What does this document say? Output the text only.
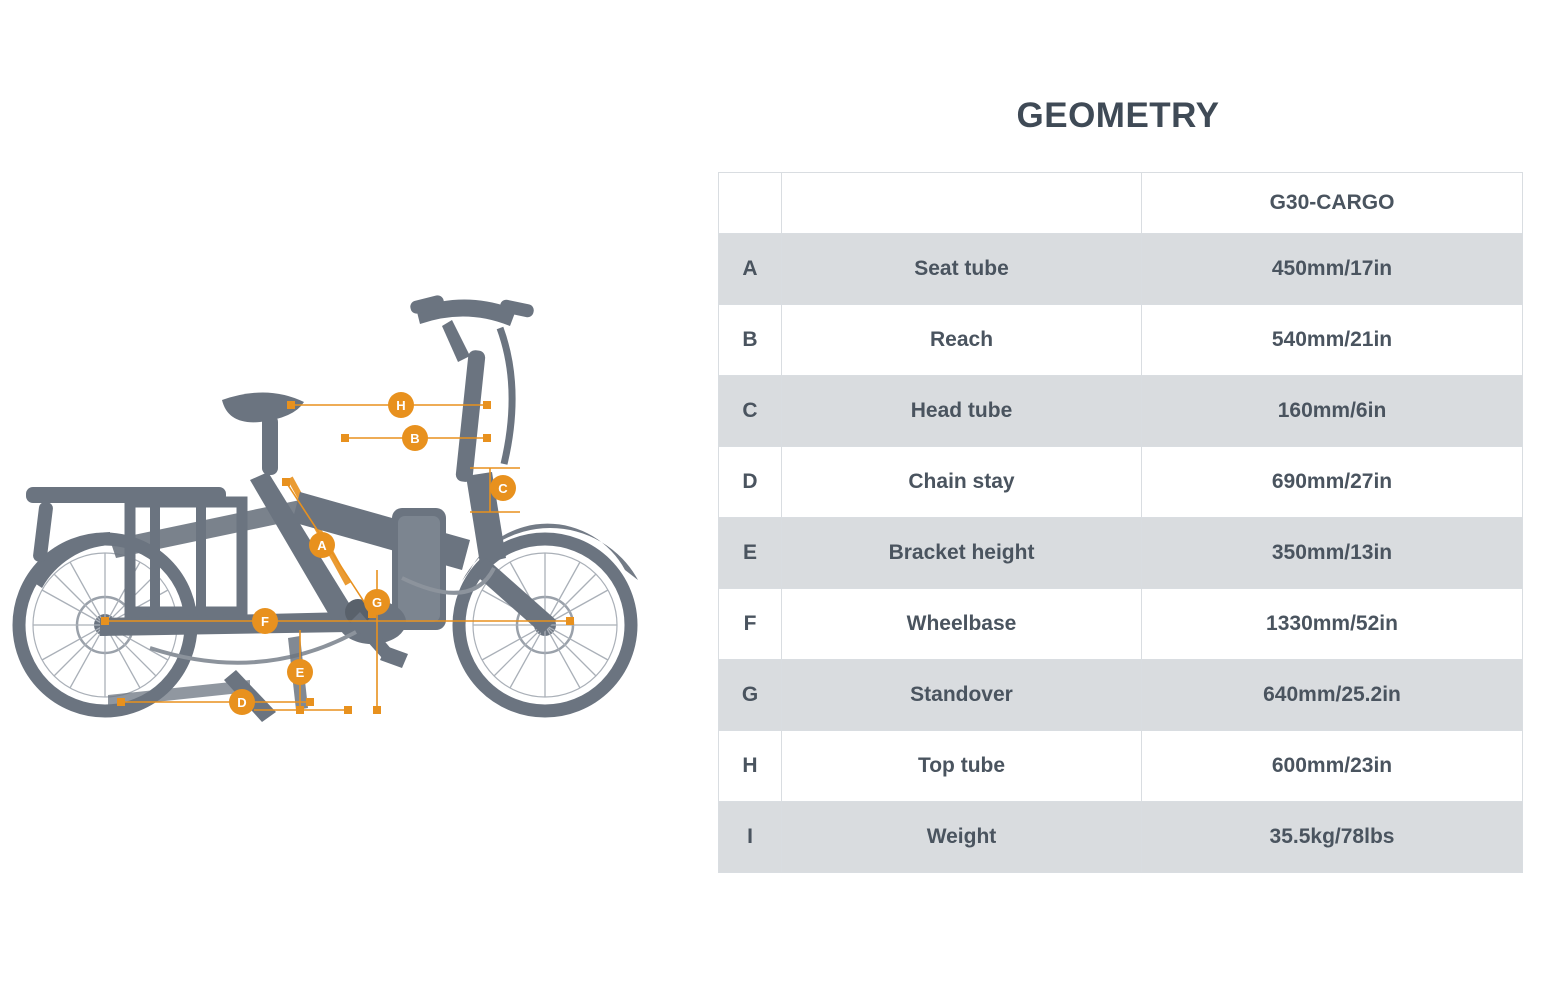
H
B
C
A
G
F
E
D
GEOMETRY
		G30-CARGO
A	Seat tube	450mm/17in
B	Reach	540mm/21in
C	Head tube	160mm/6in
D	Chain stay	690mm/27in
E	Bracket height	350mm/13in
F	Wheelbase	1330mm/52in
G	Standover	640mm/25.2in
H	Top tube	600mm/23in
I	Weight	35.5kg/78lbs
